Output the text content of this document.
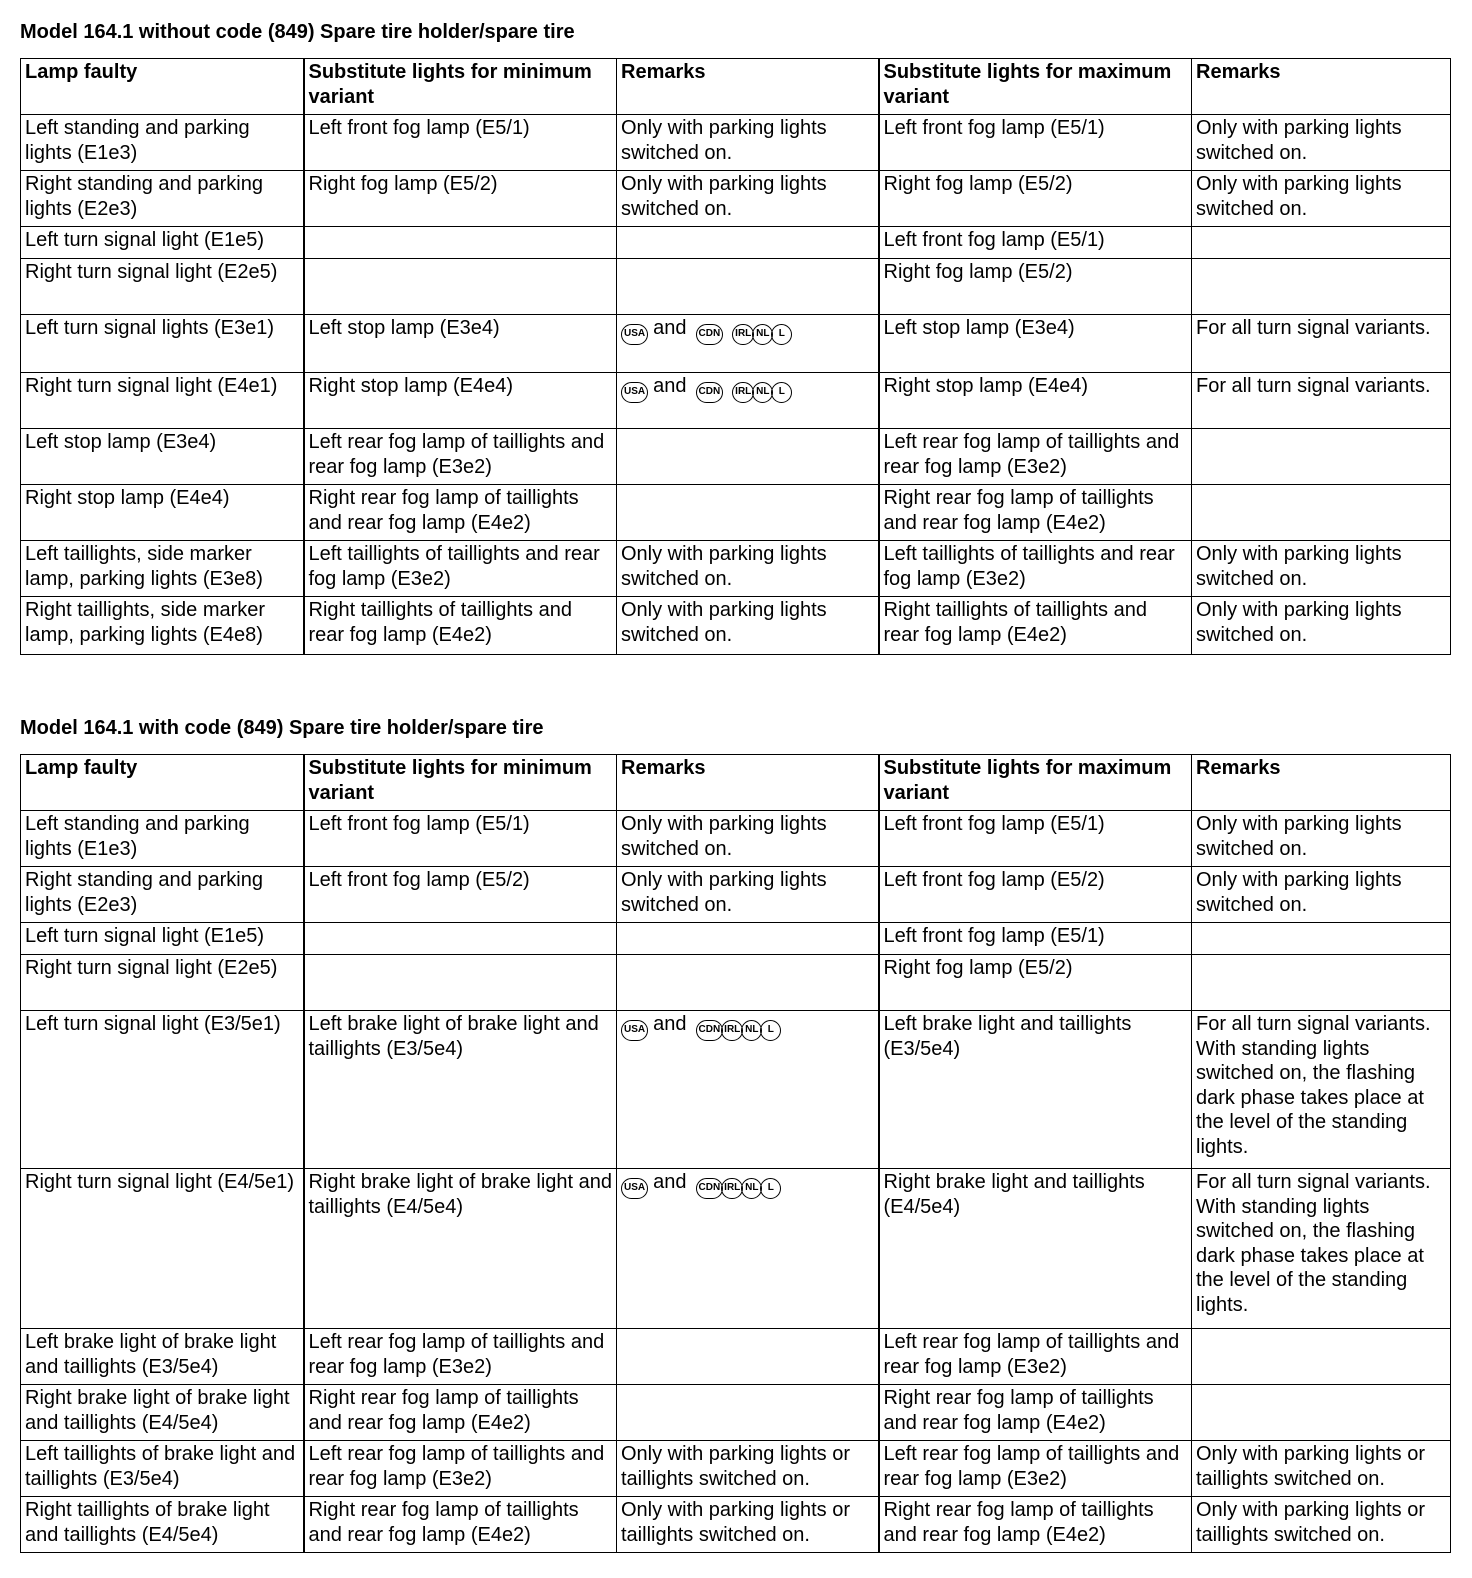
Model 164.1 without code (849) Spare tire holder/spare tire
Lamp faulty	Substitute lights for minimum variant	Remarks	Substitute lights for maximum variant	Remarks
Left standing and parking lights (E1e3)	Left front fog lamp (E5/1)	Only with parking lights switched on.	Left front fog lamp (E5/1)	Only with parking lights switched on.
Right standing and parking lights (E2e3)	Right fog lamp (E5/2)	Only with parking lights switched on.	Right fog lamp (E5/2)	Only with parking lights switched on.
Left turn signal light (E1e5)			Left front fog lamp (E5/1)	
Right turn signal light (E2e5)			Right fog lamp (E5/2)	
Left turn signal lights (E3e1)	Left stop lamp (E3e4)	USA and CDN IRL NL L	Left stop lamp (E3e4)	For all turn signal variants.
Right turn signal light (E4e1)	Right stop lamp (E4e4)	USA and CDN IRL NL L	Right stop lamp (E4e4)	For all turn signal variants.
Left stop lamp (E3e4)	Left rear fog lamp of taillights and rear fog lamp (E3e2)		Left rear fog lamp of taillights and rear fog lamp (E3e2)	
Right stop lamp (E4e4)	Right rear fog lamp of taillights and rear fog lamp (E4e2)		Right rear fog lamp of taillights and rear fog lamp (E4e2)	
Left taillights, side marker lamp, parking lights (E3e8)	Left taillights of taillights and rear fog lamp (E3e2)	Only with parking lights switched on.	Left taillights of taillights and rear fog lamp (E3e2)	Only with parking lights switched on.
Right taillights, side marker lamp, parking lights (E4e8)	Right taillights of taillights and rear fog lamp (E4e2)	Only with parking lights switched on.	Right taillights of taillights and rear fog lamp (E4e2)	Only with parking lights switched on.
Model 164.1 with code (849) Spare tire holder/spare tire
Lamp faulty	Substitute lights for minimum variant	Remarks	Substitute lights for maximum variant	Remarks
Left standing and parking lights (E1e3)	Left front fog lamp (E5/1)	Only with parking lights switched on.	Left front fog lamp (E5/1)	Only with parking lights switched on.
Right standing and parking lights (E2e3)	Left front fog lamp (E5/2)	Only with parking lights switched on.	Left front fog lamp (E5/2)	Only with parking lights switched on.
Left turn signal light (E1e5)			Left front fog lamp (E5/1)	
Right turn signal light (E2e5)			Right fog lamp (E5/2)	
Left turn signal light (E3/5e1)	Left brake light of brake light and taillights (E3/5e4)	USA and CDN IRL NL L	Left brake light and taillights (E3/5e4)	For all turn signal variants. With standing lights switched on, the flashing dark phase takes place at the level of the standing lights.
Right turn signal light (E4/5e1)	Right brake light of brake light and taillights (E4/5e4)	USA and CDN IRL NL L	Right brake light and taillights (E4/5e4)	For all turn signal variants. With standing lights switched on, the flashing dark phase takes place at the level of the standing lights.
Left brake light of brake light and taillights (E3/5e4)	Left rear fog lamp of taillights and rear fog lamp (E3e2)		Left rear fog lamp of taillights and rear fog lamp (E3e2)	
Right brake light of brake light and taillights (E4/5e4)	Right rear fog lamp of taillights and rear fog lamp (E4e2)		Right rear fog lamp of taillights and rear fog lamp (E4e2)	
Left taillights of brake light and taillights (E3/5e4)	Left rear fog lamp of taillights and rear fog lamp (E3e2)	Only with parking lights or taillights switched on.	Left rear fog lamp of taillights and rear fog lamp (E3e2)	Only with parking lights or taillights switched on.
Right taillights of brake light and taillights (E4/5e4)	Right rear fog lamp of taillights and rear fog lamp (E4e2)	Only with parking lights or taillights switched on.	Right rear fog lamp of taillights and rear fog lamp (E4e2)	Only with parking lights or taillights switched on.
